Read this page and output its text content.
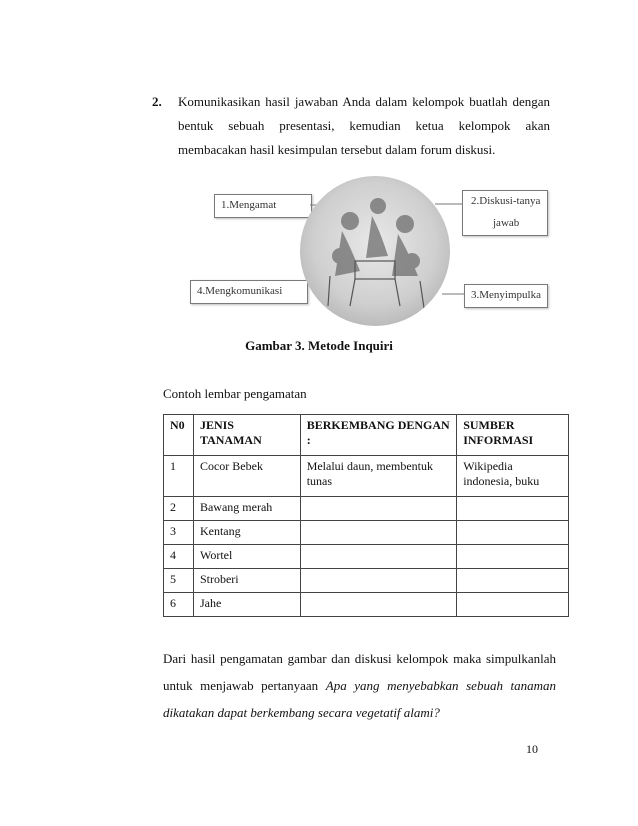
2. Komunikasikan hasil jawaban Anda dalam kelompok buatlah dengan bentuk sebuah presentasi, kemudian ketua kelompok akan membacakan hasil kesimpulan tersebut dalam forum diskusi.
1.Mengamat	2.Diskusi-tanya
jawab
4.Mengkomunikasi	3.Menyimpulka
Gambar 3. Metode Inquiri
Contoh lembar pengamatan
N0	JENIS TANAMAN	BERKEMBANG DENGAN :	SUMBER INFORMASI
1	Cocor Bebek	Melalui daun, membentuk tunas	Wikipedia indonesia, buku
2	Bawang merah		
3	Kentang		
4	Wortel		
5	Stroberi		
6	Jahe		
Dari hasil pengamatan gambar dan diskusi kelompok maka simpulkanlah untuk menjawab pertanyaan Apa yang menyebabkan sebuah tanaman dikatakan dapat berkembang secara vegetatif alami?
10
